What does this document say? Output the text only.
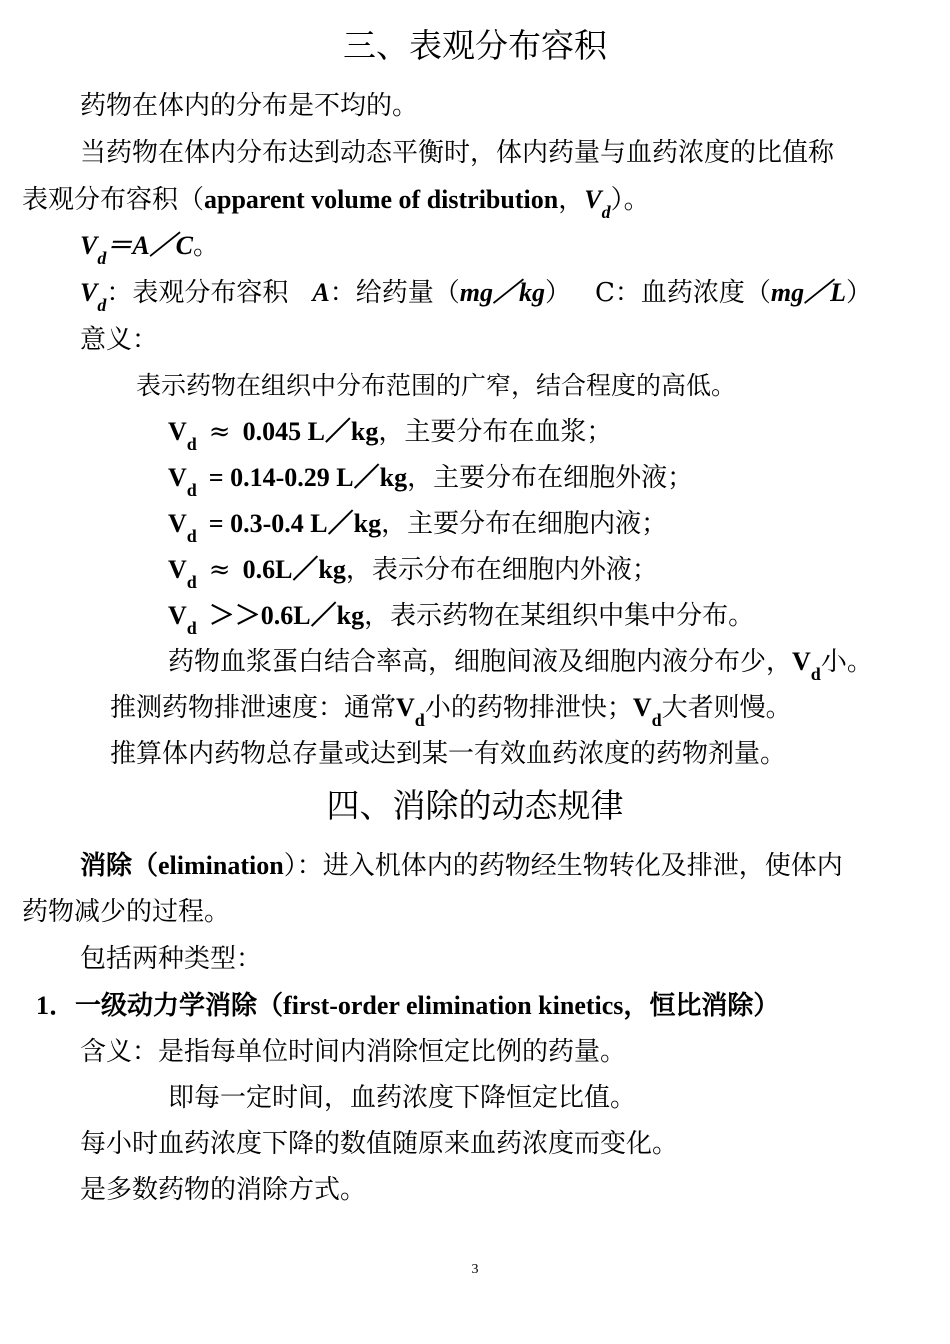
三、表观分布容积
药物在体内的分布是不均的。
当药物在体内分布达到动态平衡时，体内药量与血药浓度的比值称
表观分布容积（apparent volume of distribution，$V_d$）。
$V_d=A/C$。
$V_d$：表观分布容积 A：给药量（mg／kg） C：血药浓度（mg／L）
意义：
表示药物在组织中分布范围的广窄，结合程度的高低。
$V_d \approx 0.045$ L／kg，主要分布在血浆；
$V_d = 0.14-0.29$ L／kg，主要分布在细胞外液；
$V_d = 0.3-0.4$ L／kg，主要分布在细胞内液；
$V_d$ ≈ 0.6L／kg，表示分布在细胞内外液；
$V_d$ ＞＞0.6L／kg，表示药物在某组织中集中分布。
药物血浆蛋白结合率高，细胞间液及细胞内液分布少，$V_d$小。
推测药物排泄速度：通常$V_d$小的药物排泄快；$V_d$大者则慢。
推算体内药物总存量或达到某一有效血药浓度的药物剂量。
四、消除的动态规律
消除（elimination）：进入机体内的药物经生物转化及排泄，使体内
药物减少的过程。
包括两种类型：
1．一级动力学消除（first-order elimination kinetics，恒比消除）
含义：是指每单位时间内消除恒定比例的药量。
即每一定时间，血药浓度下降恒定比值。
每小时血药浓度下降的数值随原来血药浓度而变化。
是多数药物的消除方式。
3
